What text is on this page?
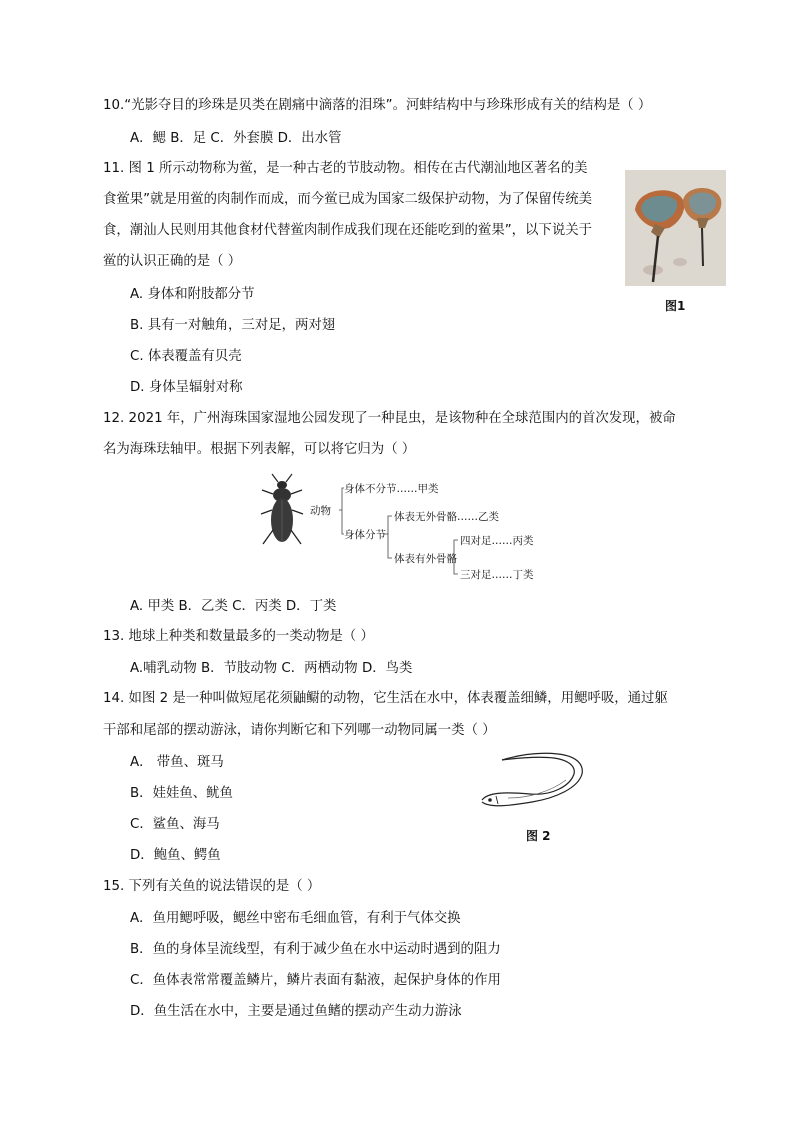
10.“光影夺目的珍珠是贝类在剧痛中滴落的泪珠”。河蚌结构中与珍珠形成有关的结构是（ ）
A．鳃 B．足 C．外套膜 D．出水管
11. 图 1 所示动物称为鲎，是一种古老的节肢动物。相传在古代潮汕地区著名的美
食鲎果”就是用鲎的肉制作而成，而今鲎已成为国家二级保护动物，为了保留传统美
食，潮汕人民则用其他食材代替鲎肉制作成我们现在还能吃到的鲎果”，以下说关于
鲎的认识正确的是（ ）
A. 身体和附肢都分节
B. 具有一对触角，三对足，两对翅
C. 体表覆盖有贝壳
D. 身体呈辐射对称
图1
12. 2021 年，广州海珠国家湿地公园发现了一种昆虫，是该物种在全球范围内的首次发现，被命
名为海珠珐轴甲。根据下列表解，可以将它归为（ ）
动物
身体不分节……甲类
身体分节
体表无外骨骼……乙类
体表有外骨骼
四对足……丙类
三对足……丁类
A. 甲类 B．乙类 C．丙类 D．丁类
13. 地球上种类和数量最多的一类动物是（ ）
A.哺乳动物 B．节肢动物 C．两栖动物 D．鸟类
14. 如图 2 是一种叫做短尾花须鼬鳚的动物，它生活在水中，体表覆盖细鳞，用鳃呼吸，通过躯
干部和尾部的摆动游泳，请你判断它和下列哪一动物同属一类（ ）
A． 带鱼、斑马
B．娃娃鱼、鱿鱼
C．鲨鱼、海马
D．鲍鱼、鳄鱼
图 2
15. 下列有关鱼的说法错误的是（ ）
A．鱼用鳃呼吸，鳃丝中密布毛细血管，有利于气体交换
B．鱼的身体呈流线型，有利于减少鱼在水中运动时遇到的阻力
C．鱼体表常常覆盖鳞片，鳞片表面有黏液，起保护身体的作用
D．鱼生活在水中，主要是通过鱼鳍的摆动产生动力游泳
